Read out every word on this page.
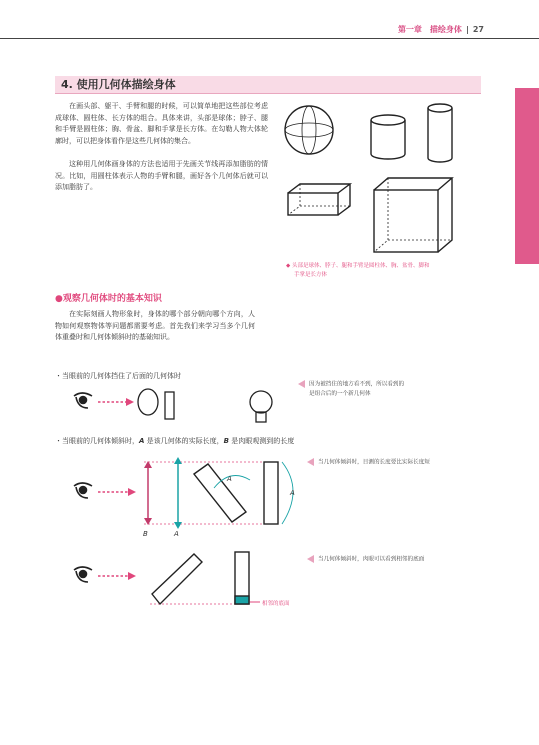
第一章　描绘身体 | 27
4. 使用几何体描绘身体
在画头部、躯干、手臂和腿的时候，可以简单地把这些部位考虑成球体、圆柱体、长方体的组合。具体来讲，头部是球体；脖子、腿和手臂是圆柱体；胸、骨盆、脚和手掌是长方体。在勾勒人物大体轮廓时，可以把身体看作是这些几何体的集合。
这种用几何体画身体的方法也适用于先画关节线再添加脂肪的情况。比如，用圆柱体表示人物的手臂和腿，画好各个几何体后就可以添加脂肪了。
◆ 头部是球体、脖子、腿和手臂是圆柱体、胸、盆骨、脚和
手掌是长方体
●观察几何体时的基本知识
在实际刻画人物形象时，身体的哪个部分朝向哪个方向，人物如何观察物体等问题都需要考虑。首先我们来学习当多个几何体重叠时和几何体倾斜时的基础知识。
・当眼前的几何体挡住了后面的几何体时
因为被挡住的地方看不到，所以看到的
是组合后的一个新几何体
・当眼前的几何体倾斜时，A 是该几何体的实际长度，B 是肉眼观测到的长度
当几何体倾斜时，目测的长度要比实际长度短
A
A
B	A
当几何体倾斜时，肉眼可以看到相邻的底面
相邻的底面
